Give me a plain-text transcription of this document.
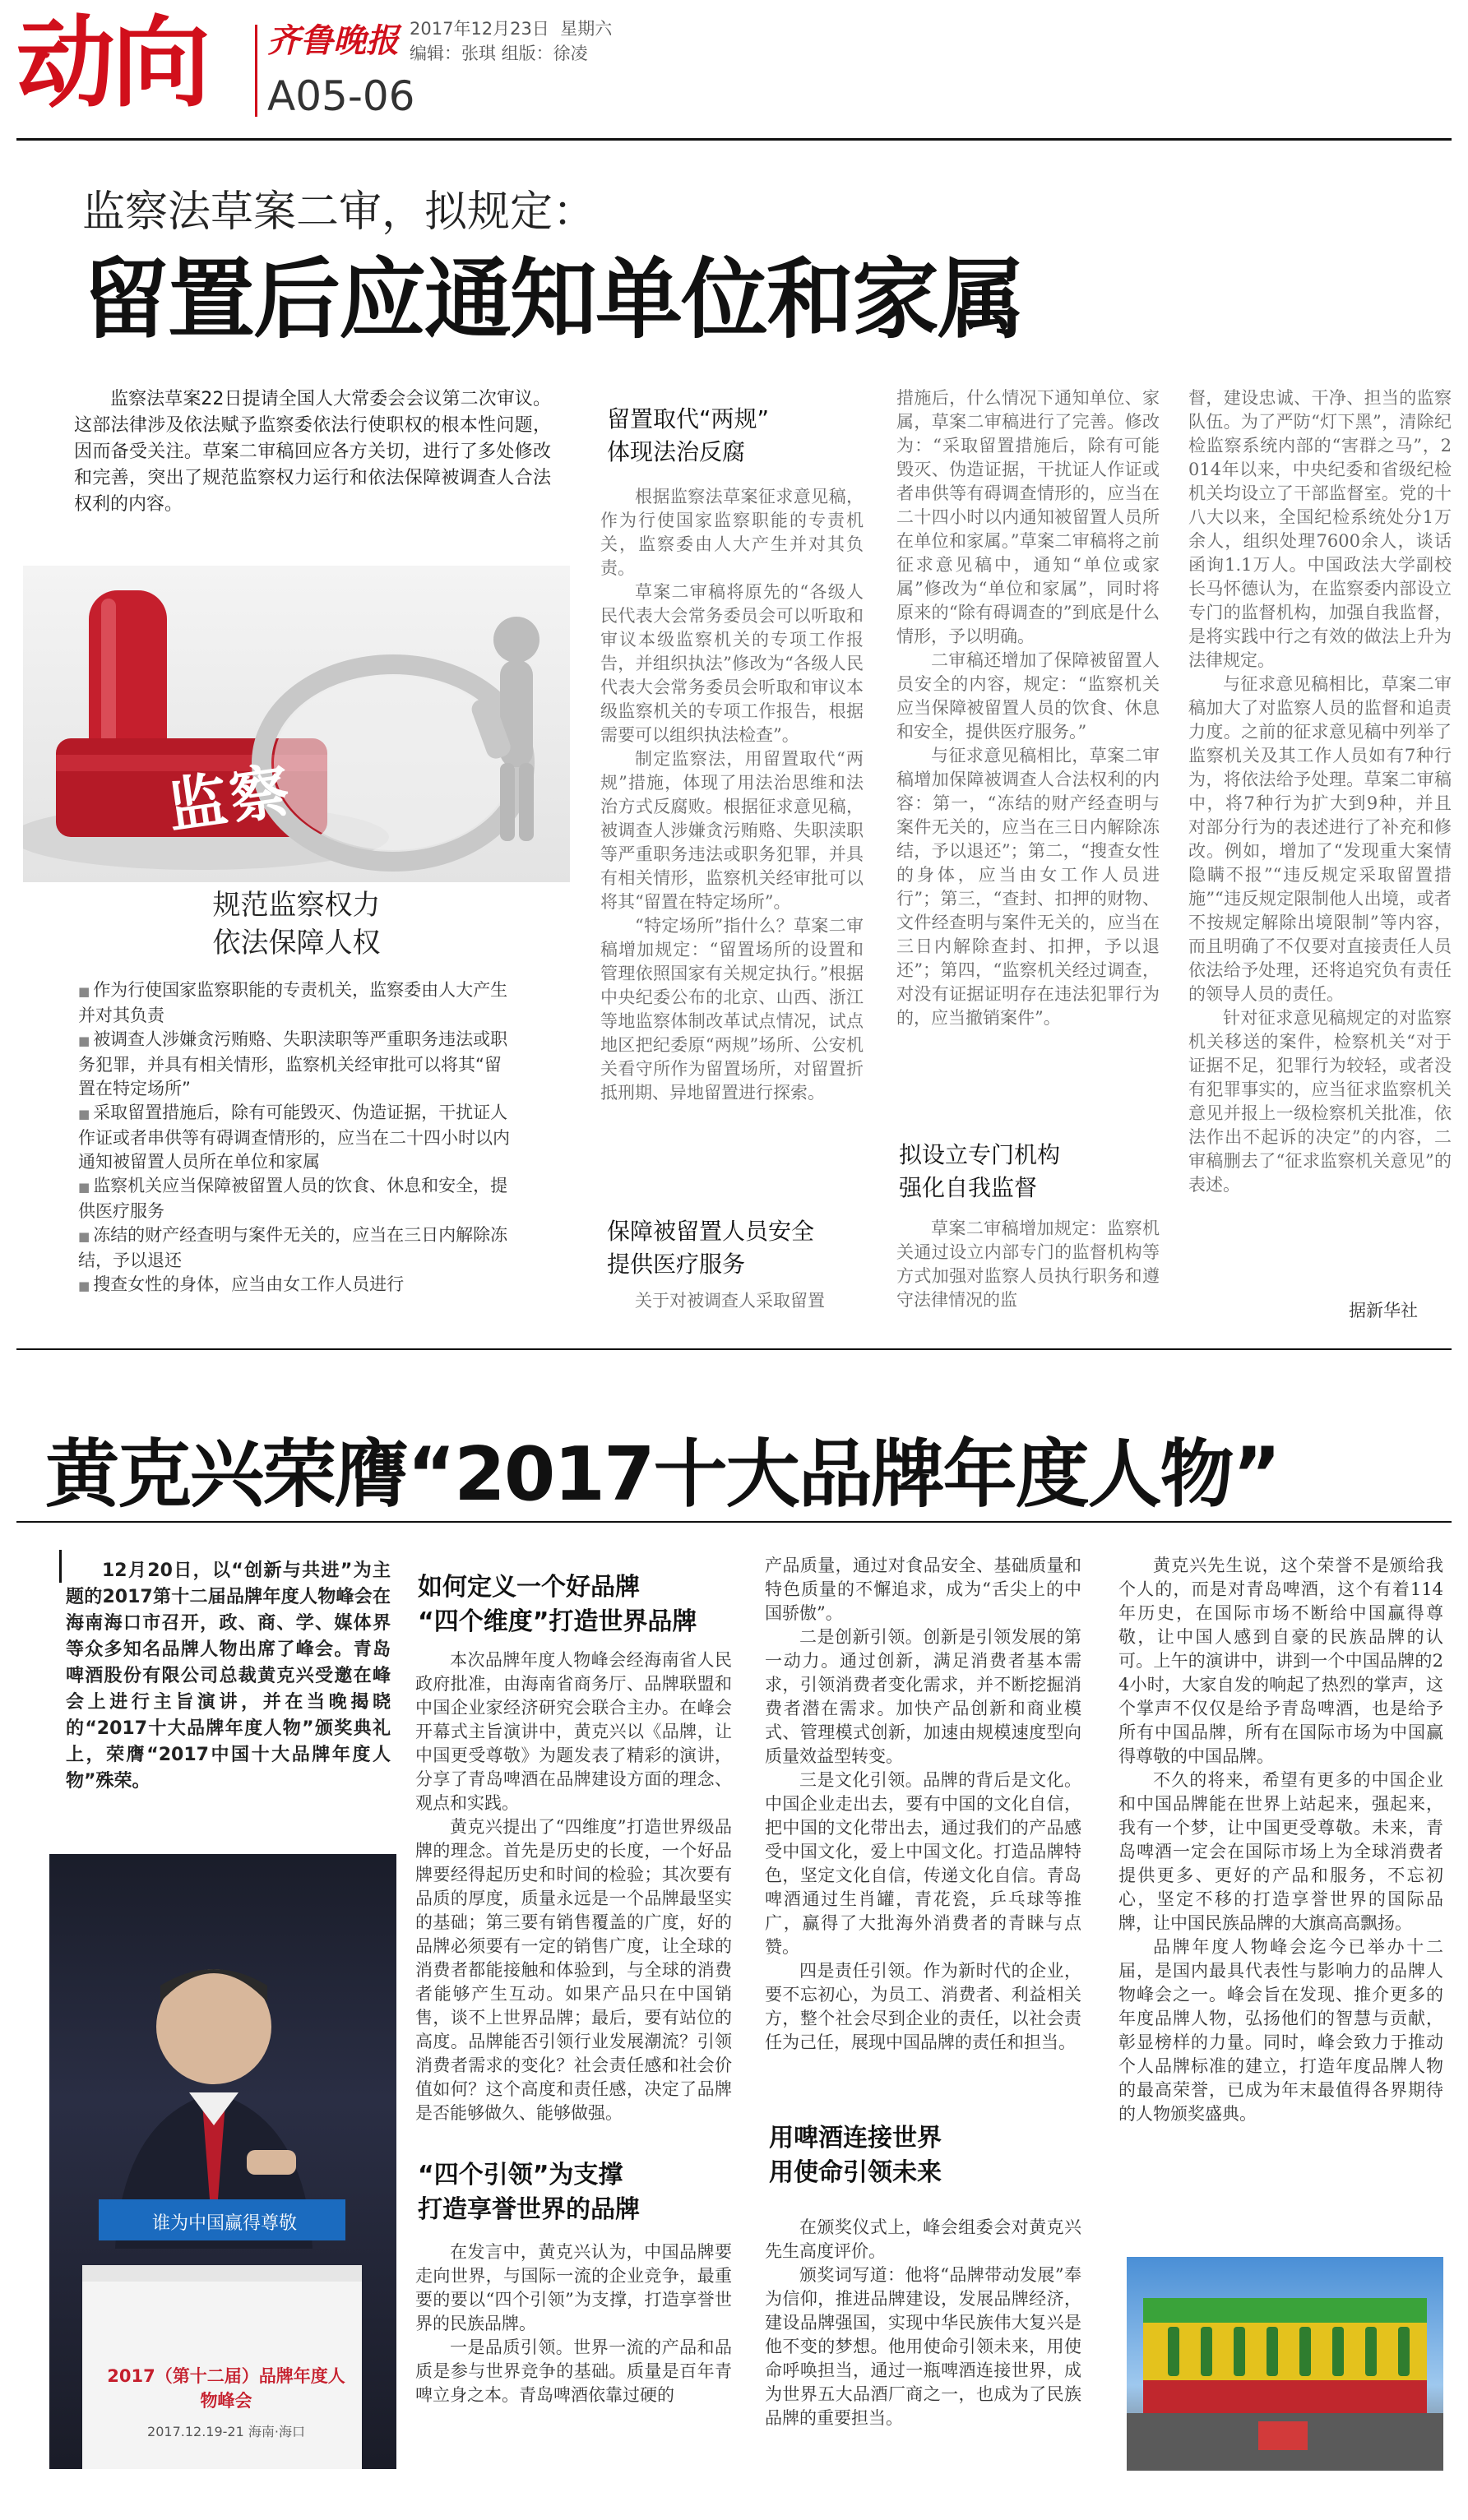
动向 齐鲁晚报 2017年12月23日 星期六
编辑：张琪 组版：徐凌
A05-06
监察法草案二审，拟规定：
留置后应通知单位和家属
监察法草案22日提请全国人大常委会会议第二次审议。这部法律涉及依法赋予监察委依法行使职权的根本性问题，因而备受关注。草案二审稿回应各方关切，进行了多处修改和完善，突出了规范监察权力运行和依法保障被调查人合法权利的内容。
监察
规范监察权力
依法保障人权
■ 作为行使国家监察职能的专责机关，监察委由人大产生并对其负责
■ 被调查人涉嫌贪污贿赂、失职渎职等严重职务违法或职务犯罪，并具有相关情形，监察机关经审批可以将其“留置在特定场所”
■ 采取留置措施后，除有可能毁灭、伪造证据，干扰证人作证或者串供等有碍调查情形的，应当在二十四小时以内通知被留置人员所在单位和家属
■ 监察机关应当保障被留置人员的饮食、休息和安全，提供医疗服务
■ 冻结的财产经查明与案件无关的，应当在三日内解除冻结，予以退还
■ 搜查女性的身体，应当由女工作人员进行
留置取代“两规”
体现法治反腐

根据监察法草案征求意见稿，作为行使国家监察职能的专责机关，监察委由人大产生并对其负责。

草案二审稿将原先的“各级人民代表大会常务委员会可以听取和审议本级监察机关的专项工作报告，并组织执法”修改为“各级人民代表大会常务委员会听取和审议本级监察机关的专项工作报告，根据需要可以组织执法检查”。

制定监察法，用留置取代“两规”措施，体现了用法治思维和法治方式反腐败。根据征求意见稿，被调查人涉嫌贪污贿赂、失职渎职等严重职务违法或职务犯罪，并具有相关情形，监察机关经审批可以将其“留置在特定场所”。

“特定场所”指什么？草案二审稿增加规定：“留置场所的设置和管理依照国家有关规定执行。”根据中央纪委公布的北京、山西、浙江等地监察体制改革试点情况，试点地区把纪委原“两规”场所、公安机关看守所作为留置场所，对留置折抵刑期、异地留置进行探索。

保障被留置人员安全
提供医疗服务

关于对被调查人采取留置

措施后，什么情况下通知单位、家属，草案二审稿进行了完善。修改为：“采取留置措施后，除有可能毁灭、伪造证据，干扰证人作证或者串供等有碍调查情形的，应当在二十四小时以内通知被留置人员所在单位和家属。”草案二审稿将之前征求意见稿中，通知“单位或家属”修改为“单位和家属”，同时将原来的“除有碍调查的”到底是什么情形，予以明确。

二审稿还增加了保障被留置人员安全的内容，规定：“监察机关应当保障被留置人员的饮食、休息和安全，提供医疗服务。”

与征求意见稿相比，草案二审稿增加保障被调查人合法权利的内容：第一，“冻结的财产经查明与案件无关的，应当在三日内解除冻结，予以退还”；第二，“搜查女性的身体，应当由女工作人员进行”；第三，“查封、扣押的财物、文件经查明与案件无关的，应当在三日内解除查封、扣押，予以退还”；第四，“监察机关经过调查，对没有证据证明存在违法犯罪行为的，应当撤销案件”。

拟设立专门机构
强化自我监督

草案二审稿增加规定：监察机关通过设立内部专门的监督机构等方式加强对监察人员执行职务和遵守法律情况的监

督，建设忠诚、干净、担当的监察队伍。为了严防“灯下黑”，清除纪检监察系统内部的“害群之马”，2014年以来，中央纪委和省级纪检机关均设立了干部监督室。党的十八大以来，全国纪检系统处分1万余人，组织处理7600余人，谈话函询1.1万人。中国政法大学副校长马怀德认为，在监察委内部设立专门的监督机构，加强自我监督，是将实践中行之有效的做法上升为法律规定。

与征求意见稿相比，草案二审稿加大了对监察人员的监督和追责力度。之前的征求意见稿中列举了监察机关及其工作人员如有7种行为，将依法给予处理。草案二审稿中，将7种行为扩大到9种，并且对部分行为的表述进行了补充和修改。例如，增加了“发现重大案情隐瞒不报”“违反规定采取留置措施”“违反规定限制他人出境，或者不按规定解除出境限制”等内容，而且明确了不仅要对直接责任人员依法给予处理，还将追究负有责任的领导人员的责任。

针对征求意见稿规定的对监察机关移送的案件，检察机关“对于证据不足，犯罪行为较轻，或者没有犯罪事实的，应当征求监察机关意见并报上一级检察机关批准，依法作出不起诉的决定”的内容，二审稿删去了“征求监察机关意见”的表述。

据新华社
黄克兴荣膺“2017十大品牌年度人物”
12月20日，以“创新与共进”为主题的2017第十二届品牌年度人物峰会在海南海口市召开，政、商、学、媒体界等众多知名品牌人物出席了峰会。青岛啤酒股份有限公司总裁黄克兴受邀在峰会上进行主旨演讲，并在当晚揭晓的“2017十大品牌年度人物”颁奖典礼上，荣膺“2017中国十大品牌年度人物”殊荣。
谁为中国赢得尊敬
2017（第十二届）品牌年度人物峰会
2017.12.19-21 海南·海口
如何定义一个好品牌
“四个维度”打造世界品牌

本次品牌年度人物峰会经海南省人民政府批准，由海南省商务厅、品牌联盟和中国企业家经济研究会联合主办。在峰会开幕式主旨演讲中，黄克兴以《品牌，让中国更受尊敬》为题发表了精彩的演讲，分享了青岛啤酒在品牌建设方面的理念、观点和实践。

黄克兴提出了“四维度”打造世界级品牌的理念。首先是历史的长度，一个好品牌要经得起历史和时间的检验；其次要有品质的厚度，质量永远是一个品牌最坚实的基础；第三要有销售覆盖的广度，好的品牌必须要有一定的销售广度，让全球的消费者都能接触和体验到，与全球的消费者能够产生互动。如果产品只在中国销售，谈不上世界品牌；最后，要有站位的高度。品牌能否引领行业发展潮流？引领消费者需求的变化？社会责任感和社会价值如何？这个高度和责任感，决定了品牌是否能够做久、能够做强。

“四个引领”为支撑
打造享誉世界的品牌

在发言中，黄克兴认为，中国品牌要走向世界，与国际一流的企业竞争，最重要的要以“四个引领”为支撑，打造享誉世界的民族品牌。

一是品质引领。世界一流的产品和品质是参与世界竞争的基础。质量是百年青啤立身之本。青岛啤酒依靠过硬的

产品质量，通过对食品安全、基础质量和特色质量的不懈追求，成为“舌尖上的中国骄傲”。

二是创新引领。创新是引领发展的第一动力。通过创新，满足消费者基本需求，引领消费者变化需求，并不断挖掘消费者潜在需求。加快产品创新和商业模式、管理模式创新，加速由规模速度型向质量效益型转变。

三是文化引领。品牌的背后是文化。中国企业走出去，要有中国的文化自信，把中国的文化带出去，通过我们的产品感受中国文化，爱上中国文化。打造品牌特色，坚定文化自信，传递文化自信。青岛啤酒通过生肖罐，青花瓷，乒乓球等推广，赢得了大批海外消费者的青睐与点赞。

四是责任引领。作为新时代的企业，要不忘初心，为员工、消费者、利益相关方，整个社会尽到企业的责任，以社会责任为己任，展现中国品牌的责任和担当。

用啤酒连接世界
用使命引领未来

在颁奖仪式上，峰会组委会对黄克兴先生高度评价。

颁奖词写道：他将“品牌带动发展”奉为信仰，推进品牌建设，发展品牌经济，建设品牌强国，实现中华民族伟大复兴是他不变的梦想。他用使命引领未来，用使命呼唤担当，通过一瓶啤酒连接世界，成为世界五大品酒厂商之一，也成为了民族品牌的重要担当。

黄克兴先生说，这个荣誉不是颁给我个人的，而是对青岛啤酒，这个有着114年历史，在国际市场不断给中国赢得尊敬，让中国人感到自豪的民族品牌的认可。上午的演讲中，讲到一个中国品牌的24小时，大家自发的响起了热烈的掌声，这个掌声不仅仅是给予青岛啤酒，也是给予所有中国品牌，所有在国际市场为中国赢得尊敬的中国品牌。

不久的将来，希望有更多的中国企业和中国品牌能在世界上站起来，强起来，我有一个梦，让中国更受尊敬。未来，青岛啤酒一定会在国际市场上为全球消费者提供更多、更好的产品和服务，不忘初心，坚定不移的打造享誉世界的国际品牌，让中国民族品牌的大旗高高飘扬。

品牌年度人物峰会迄今已举办十二届，是国内最具代表性与影响力的品牌人物峰会之一。峰会旨在发现、推介更多的年度品牌人物，弘扬他们的智慧与贡献，彰显榜样的力量。同时，峰会致力于推动个人品牌标准的建立，打造年度品牌人物的最高荣誉，已成为年末最值得各界期待的人物颁奖盛典。
